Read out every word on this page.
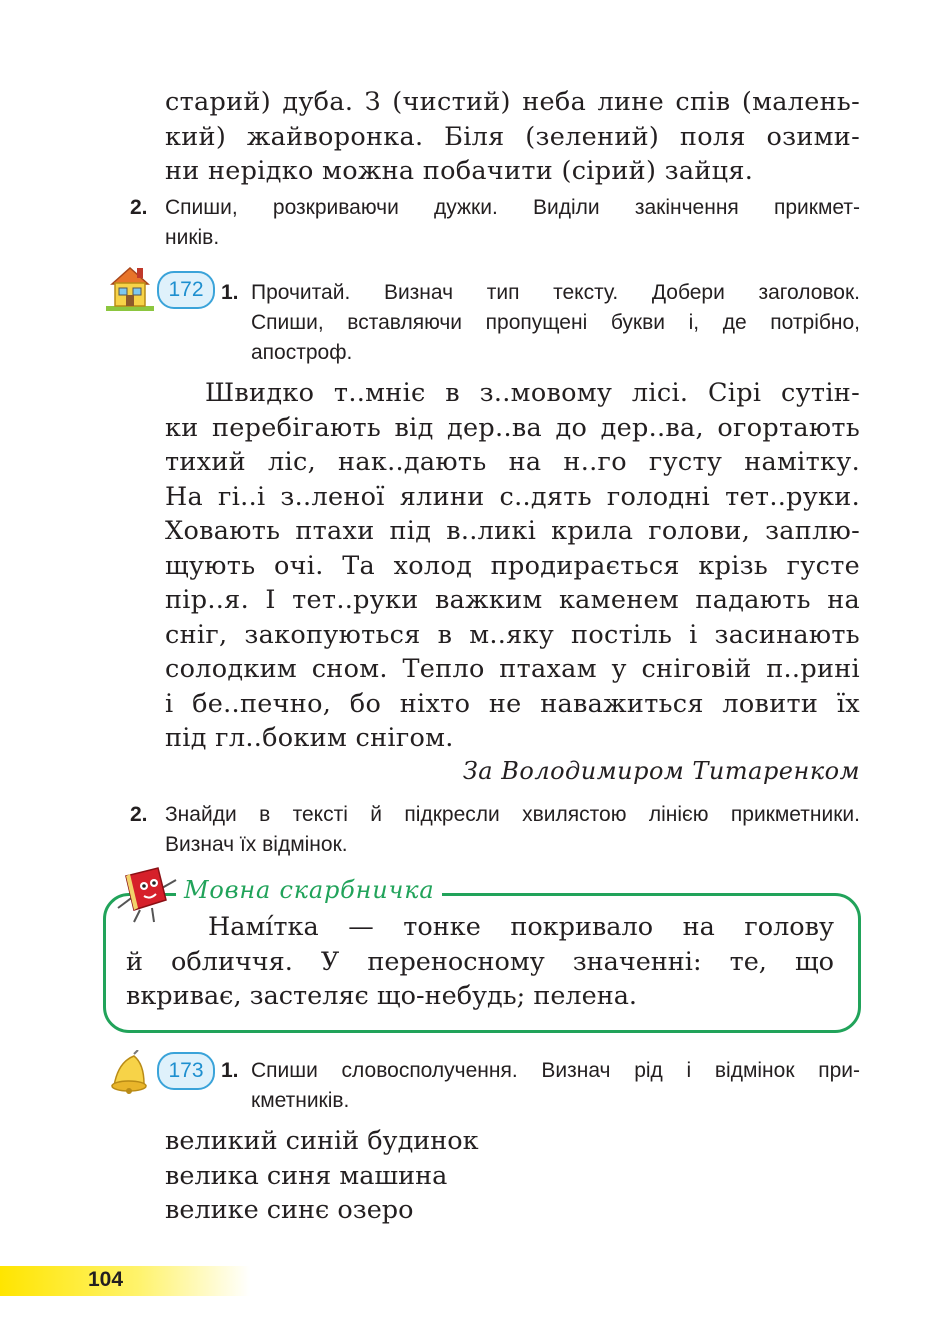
старий) дуба. З (чистий) неба лине спів (малень-
кий) жайворонка. Біля (зелений) поля озими-
ни нерідко можна побачити (сірий) зайця.
2. Спиши, розкриваючи дужки. Виділи закінчення прикмет-
ників.
172 1. Прочитай. Визнач тип тексту. Добери заголовок.
Спиши, вставляючи пропущені букви і, де потрібно,
апостроф.
Швидко т..мніє в з..мовому лісі. Сірі сутін-
ки перебігають від дер..ва до дер..ва, огортають
тихий ліс, нак..дають на н..го густу намітку.
На гі..і з..леної ялини с..дять голодні тет..руки.
Ховають птахи під в..ликі крила голови, заплю-
щують очі. Та холод продирається крізь густе
пір..я. І тет..руки важким каменем падають на
сніг, закопуються в м..яку постіль і засинають
солодким сном. Тепло птахам у сніговій п..рині
і бе..печно, бо ніхто не наважиться ловити їх
під гл..боким снігом.
За Володимиром Титаренком
2. Знайди в тексті й підкресли хвилястою лінією прикметники.
Визнач їх відмінок.
Мовна скарбничка
Намі́тка — тонке покривало на голову
й обличчя. У переносному значенні: те, що
вкриває, застеляє що-небудь; пелена.
173 1. Спиши словосполучення. Визнач рід і відмінок при-
кметників.
великий синій будинок
велика синя машина
велике синє озеро
104
